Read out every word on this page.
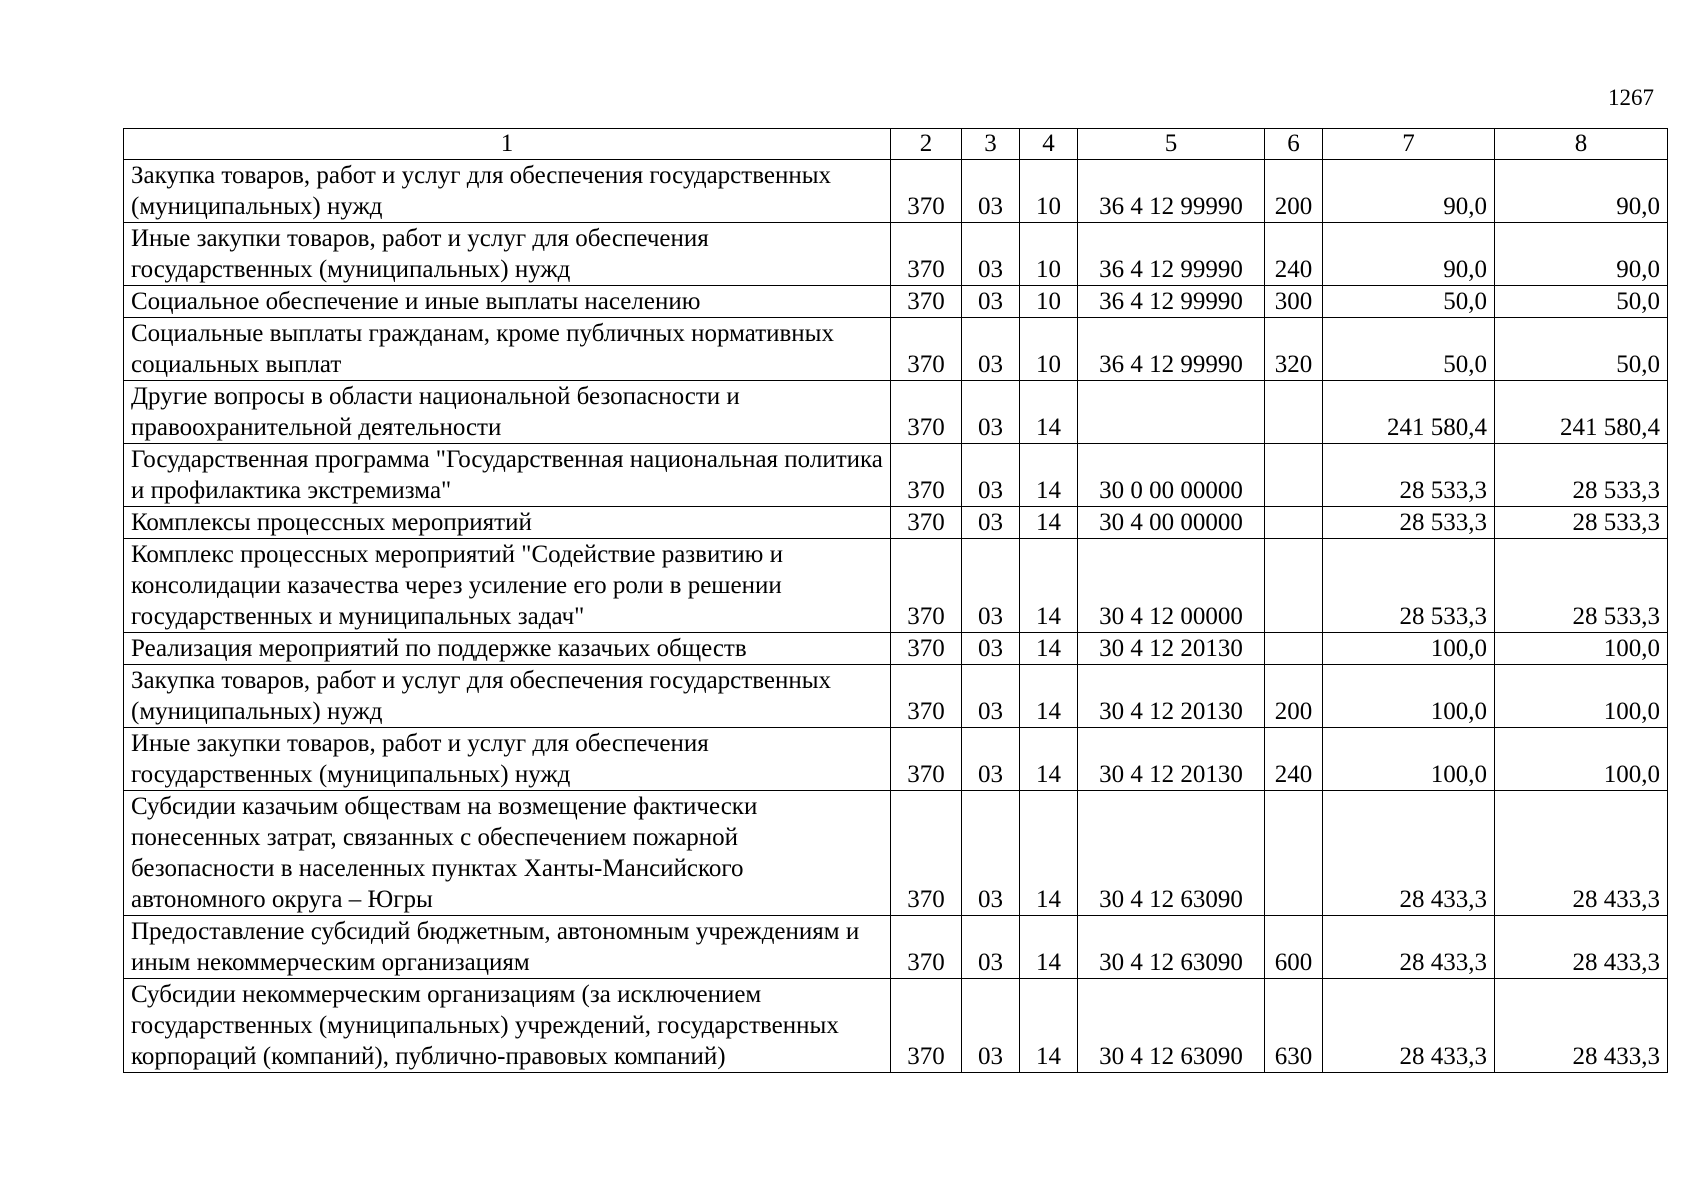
1267
1	2	3	4	5	6	7	8
Закупка товаров, работ и услуг для обеспечения государственных (муниципальных) нужд	370	03	10	36 4 12 99990	200	90,0	90,0
Иные закупки товаров, работ и услуг для обеспечения государственных (муниципальных) нужд	370	03	10	36 4 12 99990	240	90,0	90,0
Социальное обеспечение и иные выплаты населению	370	03	10	36 4 12 99990	300	50,0	50,0
Социальные выплаты гражданам, кроме публичных нормативных социальных выплат	370	03	10	36 4 12 99990	320	50,0	50,0
Другие вопросы в области национальной безопасности и правоохранительной деятельности	370	03	14			241 580,4	241 580,4
Государственная программа "Государственная национальная политика и профилактика экстремизма"	370	03	14	30 0 00 00000		28 533,3	28 533,3
Комплексы процессных мероприятий	370	03	14	30 4 00 00000		28 533,3	28 533,3
Комплекс процессных мероприятий "Содействие развитию и консолидации казачества через усиление его роли в решении государственных и муниципальных задач"	370	03	14	30 4 12 00000		28 533,3	28 533,3
Реализация мероприятий по поддержке казачьих обществ	370	03	14	30 4 12 20130		100,0	100,0
Закупка товаров, работ и услуг для обеспечения государственных (муниципальных) нужд	370	03	14	30 4 12 20130	200	100,0	100,0
Иные закупки товаров, работ и услуг для обеспечения государственных (муниципальных) нужд	370	03	14	30 4 12 20130	240	100,0	100,0
Субсидии казачьим обществам на возмещение фактически понесенных затрат, связанных с обеспечением пожарной безопасности в населенных пунктах Ханты-Мансийского автономного округа – Югры	370	03	14	30 4 12 63090		28 433,3	28 433,3
Предоставление субсидий бюджетным, автономным учреждениям и иным некоммерческим организациям	370	03	14	30 4 12 63090	600	28 433,3	28 433,3
Субсидии некоммерческим организациям (за исключением государственных (муниципальных) учреждений, государственных корпораций (компаний), публично-правовых компаний)	370	03	14	30 4 12 63090	630	28 433,3	28 433,3
